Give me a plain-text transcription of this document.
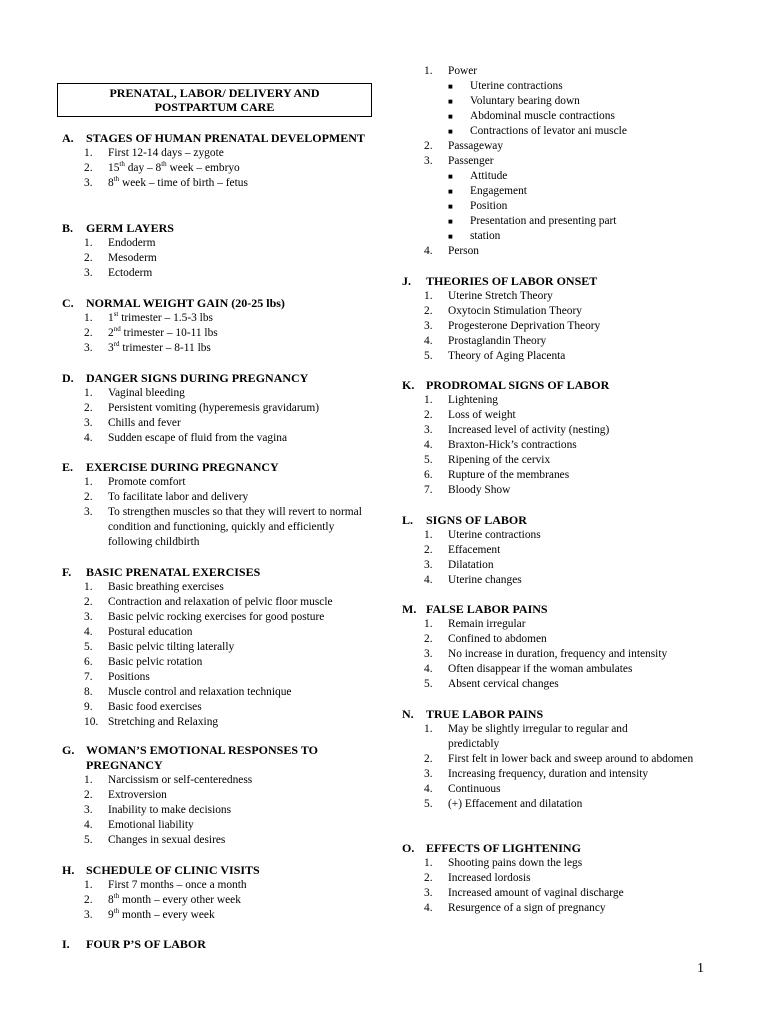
PRENATAL, LABOR/ DELIVERY AND
POSTPARTUM CARE
A.	STAGES OF HUMAN PRENATAL DEVELOPMENT
1.	First 12-14 days – zygote
2.	15th day – 8th week – embryo
3.	8th week – time of birth – fetus
B.	GERM LAYERS
1.	Endoderm
2.	Mesoderm
3.	Ectoderm
C.	NORMAL WEIGHT GAIN (20-25 lbs)
1.	1st trimester – 1.5-3 lbs
2.	2nd trimester – 10-11 lbs
3.	3rd trimester – 8-11 lbs
D.	DANGER SIGNS DURING PREGNANCY
1.	Vaginal bleeding
2.	Persistent vomiting (hyperemesis gravidarum)
3.	Chills and fever
4.	Sudden escape of fluid from the vagina
E.	EXERCISE DURING PREGNANCY
1.	Promote comfort
2.	To facilitate labor and delivery
3.	To strengthen muscles so that they will revert to normal condition and functioning, quickly and efficiently following childbirth
F.	BASIC PRENATAL EXERCISES
1.	Basic breathing exercises
2.	Contraction and relaxation of pelvic floor muscle
3.	Basic pelvic rocking exercises for good posture
4.	Postural education
5.	Basic pelvic tilting laterally
6.	Basic pelvic rotation
7.	Positions
8.	Muscle control and relaxation technique
9.	Basic food exercises
10. Stretching and Relaxing
G. WOMAN’S EMOTIONAL RESPONSES TO PREGNANCY
1.	Narcissism or self-centeredness
2.	Extroversion
3.	Inability to make decisions
4.	Emotional liability
5.	Changes in sexual desires
H. SCHEDULE OF CLINIC VISITS
1.	First 7 months – once a month
2.	8th month – every other week
3.	9th month – every week
I.	FOUR P’S OF LABOR
1.	Power
■	Uterine contractions
■	Voluntary bearing down
■	Abdominal muscle contractions
■	Contractions of levator ani muscle
2.	Passageway
3.	Passenger
■	Attitude
■	Engagement
■	Position
■	Presentation and presenting part
■	station
4.	Person
J.	THEORIES OF LABOR ONSET
1.	Uterine Stretch Theory
2.	Oxytocin Stimulation Theory
3.	Progesterone Deprivation Theory
4.	Prostaglandin Theory
5.	Theory of Aging Placenta
K. PRODROMAL SIGNS OF LABOR
1.	Lightening
2.	Loss of weight
3.	Increased level of activity (nesting)
4.	Braxton-Hick’s contractions
5.	Ripening of the cervix
6.	Rupture of the membranes
7.	Bloody Show
L.	SIGNS OF LABOR
1.	Uterine contractions
2.	Effacement
3.	Dilatation
4.	Uterine changes
M. FALSE LABOR PAINS
1.	Remain irregular
2.	Confined to abdomen
3.	No increase in duration, frequency and intensity
4.	Often disappear if the woman ambulates
5.	Absent cervical changes
N.	TRUE LABOR PAINS
1.	May be slightly irregular to regular and predictably
2.	First felt in lower back and sweep around to abdomen
3.	Increasing frequency, duration and intensity
4.	Continuous
5.	(+) Effacement and dilatation
O. EFFECTS OF LIGHTENING
1.	Shooting pains down the legs
2.	Increased lordosis
3.	Increased amount of vaginal discharge
4.	Resurgence of a sign of pregnancy
1
